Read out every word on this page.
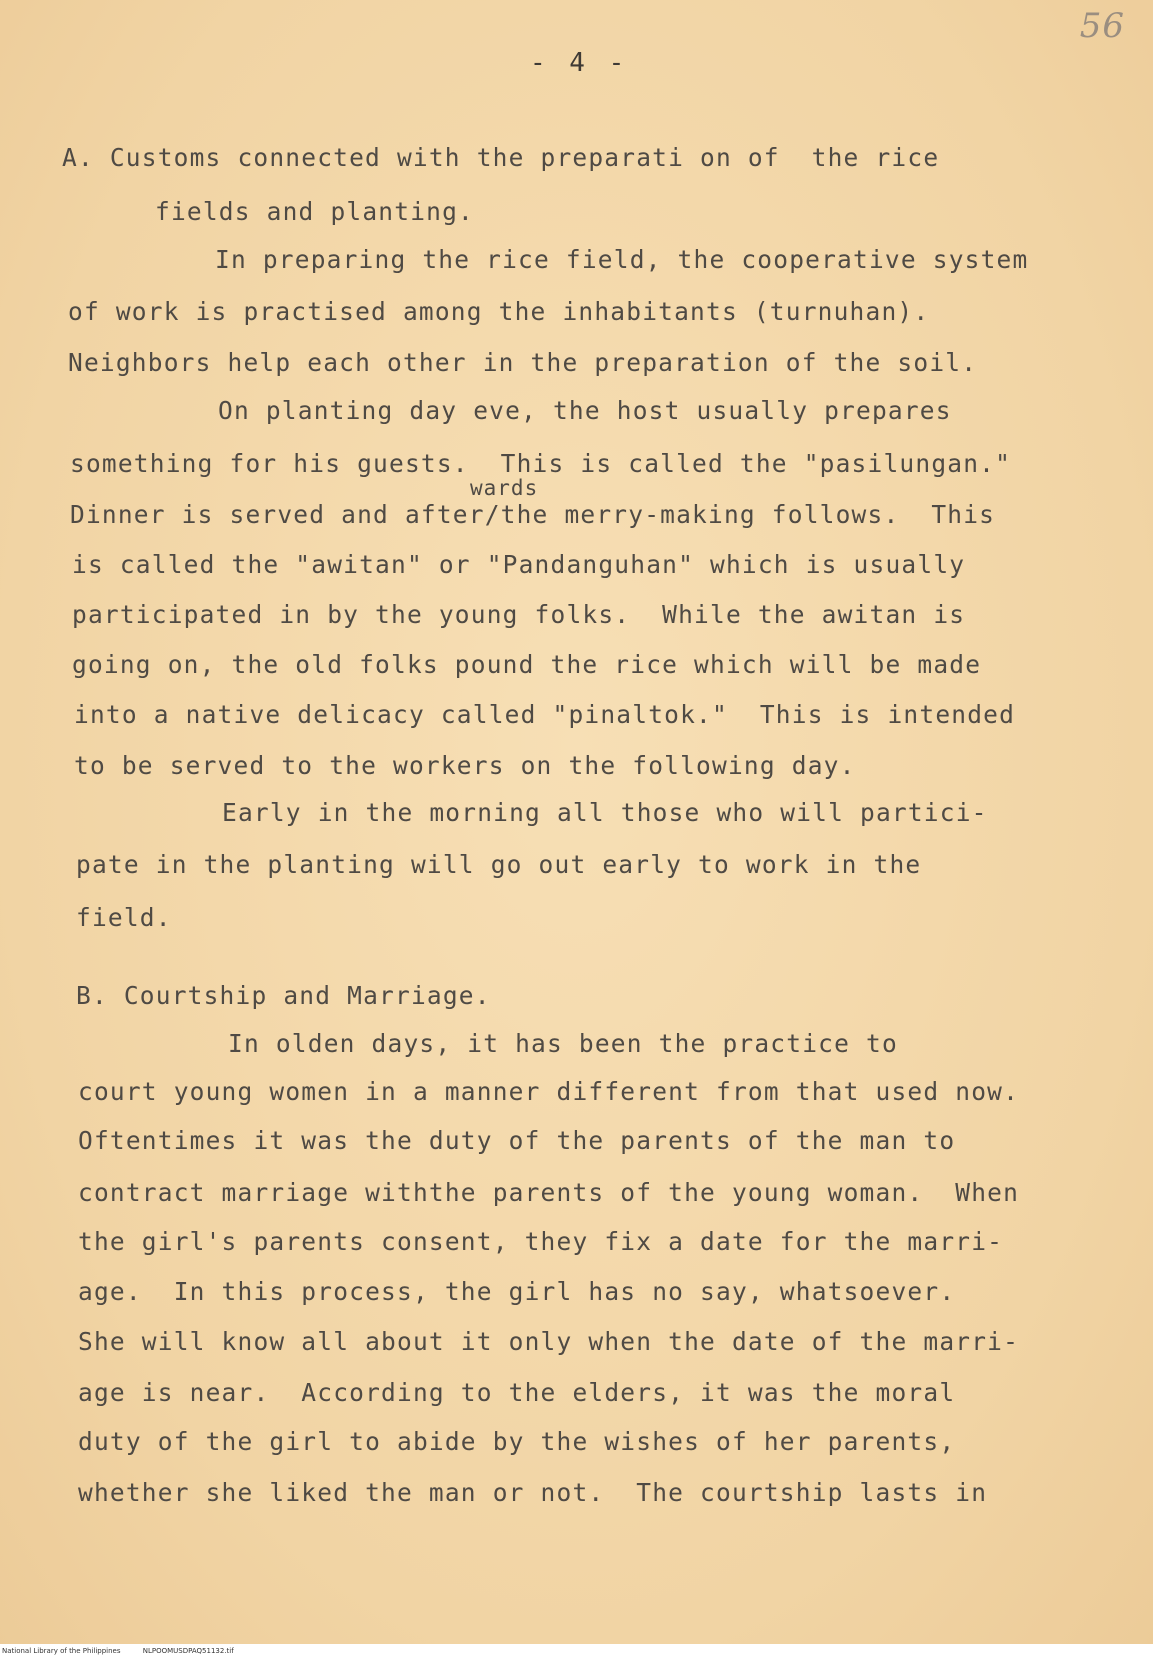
56
- 4 -
A. Customs connected with the preparati on of  the rice
fields and planting.
In preparing the rice field, the cooperative system
of work is practised among the inhabitants (turnuhan).
Neighbors help each other in the preparation of the soil.
On planting day eve, the host usually prepares
something for his guests.  This is called the "pasilungan."
wards
Dinner is served and after/the merry-making follows.  This
is called the "awitan" or "Pandanguhan" which is usually
participated in by the young folks.  While the awitan is
going on, the old folks pound the rice which will be made
into a native delicacy called "pinaltok."  This is intended
to be served to the workers on the following day.
Early in the morning all those who will partici-
pate in the planting will go out early to work in the
field.
B. Courtship and Marriage.
In olden days, it has been the practice to
court young women in a manner different from that used now.
Oftentimes it was the duty of the parents of the man to
contract marriage withthe parents of the young woman.  When
the girl's parents consent, they fix a date for the marri-
age.  In this process, the girl has no say, whatsoever.
She will know all about it only when the date of the marri-
age is near.  According to the elders, it was the moral
duty of the girl to abide by the wishes of her parents,
whether she liked the man or not.  The courtship lasts in
National Library of the Philippines	NLPOOMUSDPAQ51132.tif
